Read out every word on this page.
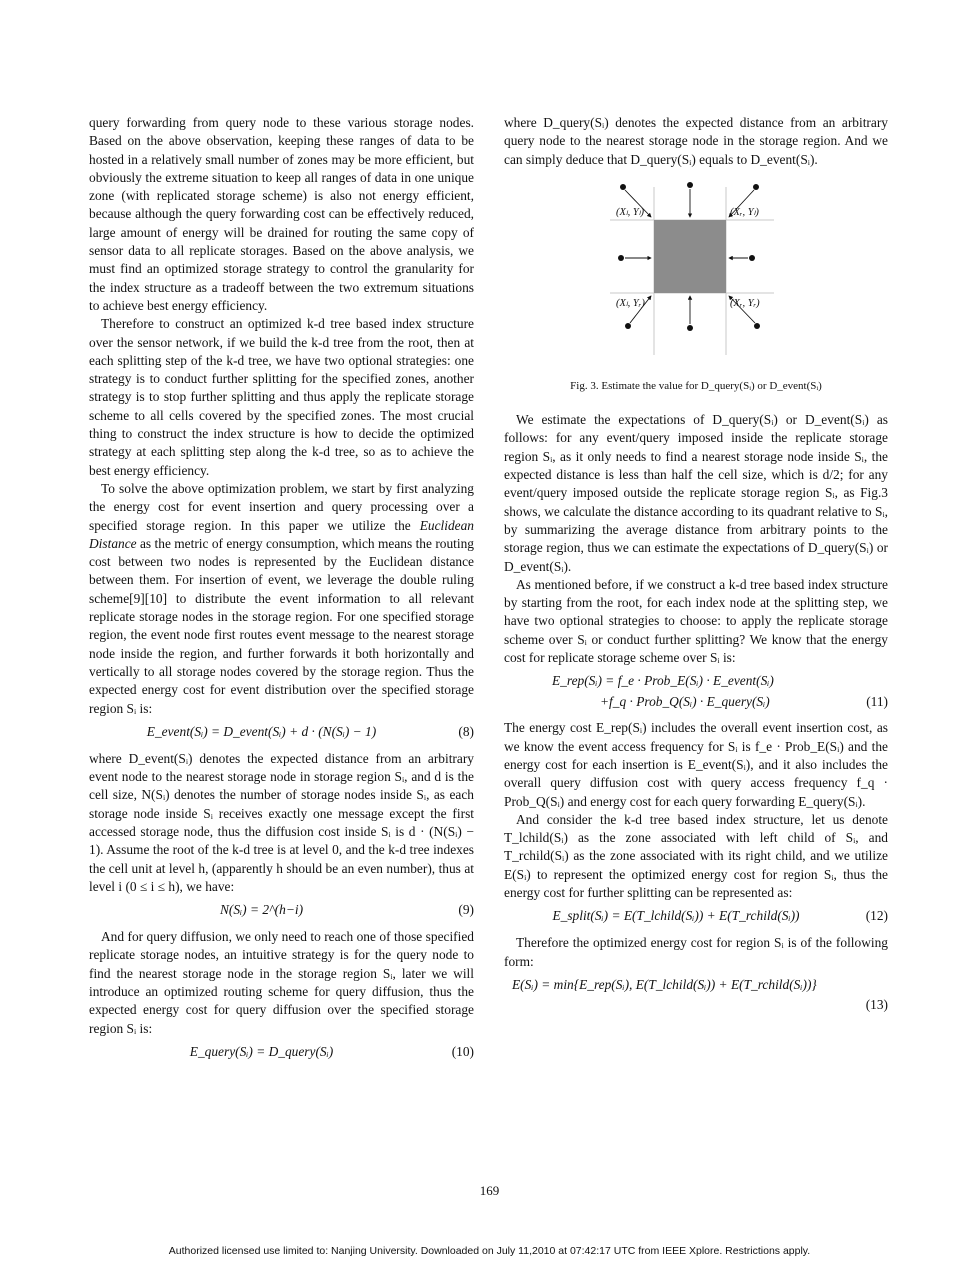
query forwarding from query node to these various storage nodes. Based on the above observation, keeping these ranges of data to be hosted in a relatively small number of zones may be more efficient, but obviously the extreme situation to keep all ranges of data in one unique zone (with replicated storage scheme) is also not energy efficient, because although the query forwarding cost can be effectively reduced, large amount of energy will be drained for routing the same copy of sensor data to all replicate storages. Based on the above analysis, we must find an optimized storage strategy to control the granularity for the index structure as a tradeoff between the two extremum situations to achieve best energy efficiency.

Therefore to construct an optimized k-d tree based index structure over the sensor network, if we build the k-d tree from the root, then at each splitting step of the k-d tree, we have two optional strategies: one strategy is to conduct further splitting for the specified zones, another strategy is to stop further splitting and thus apply the replicate storage scheme to all cells covered by the specified zones. The most crucial thing to construct the index structure is how to decide the optimized strategy at each splitting step along the k-d tree, so as to achieve the best energy efficiency.

To solve the above optimization problem, we start by first analyzing the energy cost for event insertion and query processing over a specified storage region. In this paper we utilize the Euclidean Distance as the metric of energy consumption, which means the routing cost between two nodes is represented by the Euclidean distance between them. For insertion of event, we leverage the double ruling scheme[9][10] to distribute the event information to all relevant replicate storage nodes in the storage region. For one specified storage region, the event node first routes event message to the nearest storage node inside the region, and further forwards it both horizontally and vertically to all storage nodes covered by the storage region. Thus the expected energy cost for event distribution over the specified storage region Sᵢ is:

E_event(Sᵢ) = D_event(Sᵢ) + d · (N(Sᵢ) − 1)	(8)

where D_event(Sᵢ) denotes the expected distance from an arbitrary event node to the nearest storage node in storage region Sᵢ, and d is the cell size, N(Sᵢ) denotes the number of storage nodes inside Sᵢ, as each storage node inside Sᵢ receives exactly one message except the first accessed storage node, thus the diffusion cost inside Sᵢ is d · (N(Sᵢ) − 1). Assume the root of the k-d tree is at level 0, and the k-d tree indexes the cell unit at level h, (apparently h should be an even number), thus at level i (0 ≤ i ≤ h), we have:

N(Sᵢ) = 2^(h−i)	(9)

And for query diffusion, we only need to reach one of those specified replicate storage nodes, an intuitive strategy is for the query node to find the nearest storage node in the storage region Sᵢ, later we will introduce an optimized routing scheme for query diffusion, thus the expected energy cost for query diffusion over the specified storage region Sᵢ is:

E_query(Sᵢ) = D_query(Sᵢ)	(10)

where D_query(Sᵢ) denotes the expected distance from an arbitrary query node to the nearest storage node in the storage region. And we can simply deduce that D_query(Sᵢ) equals to D_event(Sᵢ).

(Xₗ, Yₗ)	(Xᵣ, Yₗ)
(Xₗ, Yᵣ)	(Xᵣ, Yᵣ)
Fig. 3. Estimate the value for D_query(Sᵢ) or D_event(Sᵢ)

We estimate the expectations of D_query(Sᵢ) or D_event(Sᵢ) as follows: for any event/query imposed inside the replicate storage region Sᵢ, as it only needs to find a nearest storage node inside Sᵢ, the expected distance is less than half the cell size, which is d/2; for any event/query imposed outside the replicate storage region Sᵢ, as Fig.3 shows, we calculate the distance according to its quadrant relative to Sᵢ, by summarizing the average distance from arbitrary points to the storage region, thus we can estimate the expectations of D_query(Sᵢ) or D_event(Sᵢ).

As mentioned before, if we construct a k-d tree based index structure by starting from the root, for each index node at the splitting step, we have two optional strategies to choose: to apply the replicate storage scheme over Sᵢ or conduct further splitting? We know that the energy cost for replicate storage scheme over Sᵢ is:

E_rep(Sᵢ) = f_e · Prob_E(Sᵢ) · E_event(Sᵢ)
+f_q · Prob_Q(Sᵢ) · E_query(Sᵢ)	(11)

The energy cost E_rep(Sᵢ) includes the overall event insertion cost, as we know the event access frequency for Sᵢ is f_e · Prob_E(Sᵢ) and the energy cost for each insertion is E_event(Sᵢ), and it also includes the overall query diffusion cost with query access frequency f_q · Prob_Q(Sᵢ) and energy cost for each query forwarding E_query(Sᵢ).

And consider the k-d tree based index structure, let us denote T_lchild(Sᵢ) as the zone associated with left child of Sᵢ, and T_rchild(Sᵢ) as the zone associated with its right child, and we utilize E(Sᵢ) to represent the optimized energy cost for region Sᵢ, thus the energy cost for further splitting can be represented as:

E_split(Sᵢ) = E(T_lchild(Sᵢ)) + E(T_rchild(Sᵢ))	(12)

Therefore the optimized energy cost for region Sᵢ is of the following form:

E(Sᵢ) = min{E_rep(Sᵢ), E(T_lchild(Sᵢ)) + E(T_rchild(Sᵢ))}
(13)
169
Authorized licensed use limited to: Nanjing University. Downloaded on July 11,2010 at 07:42:17 UTC from IEEE Xplore. Restrictions apply.
